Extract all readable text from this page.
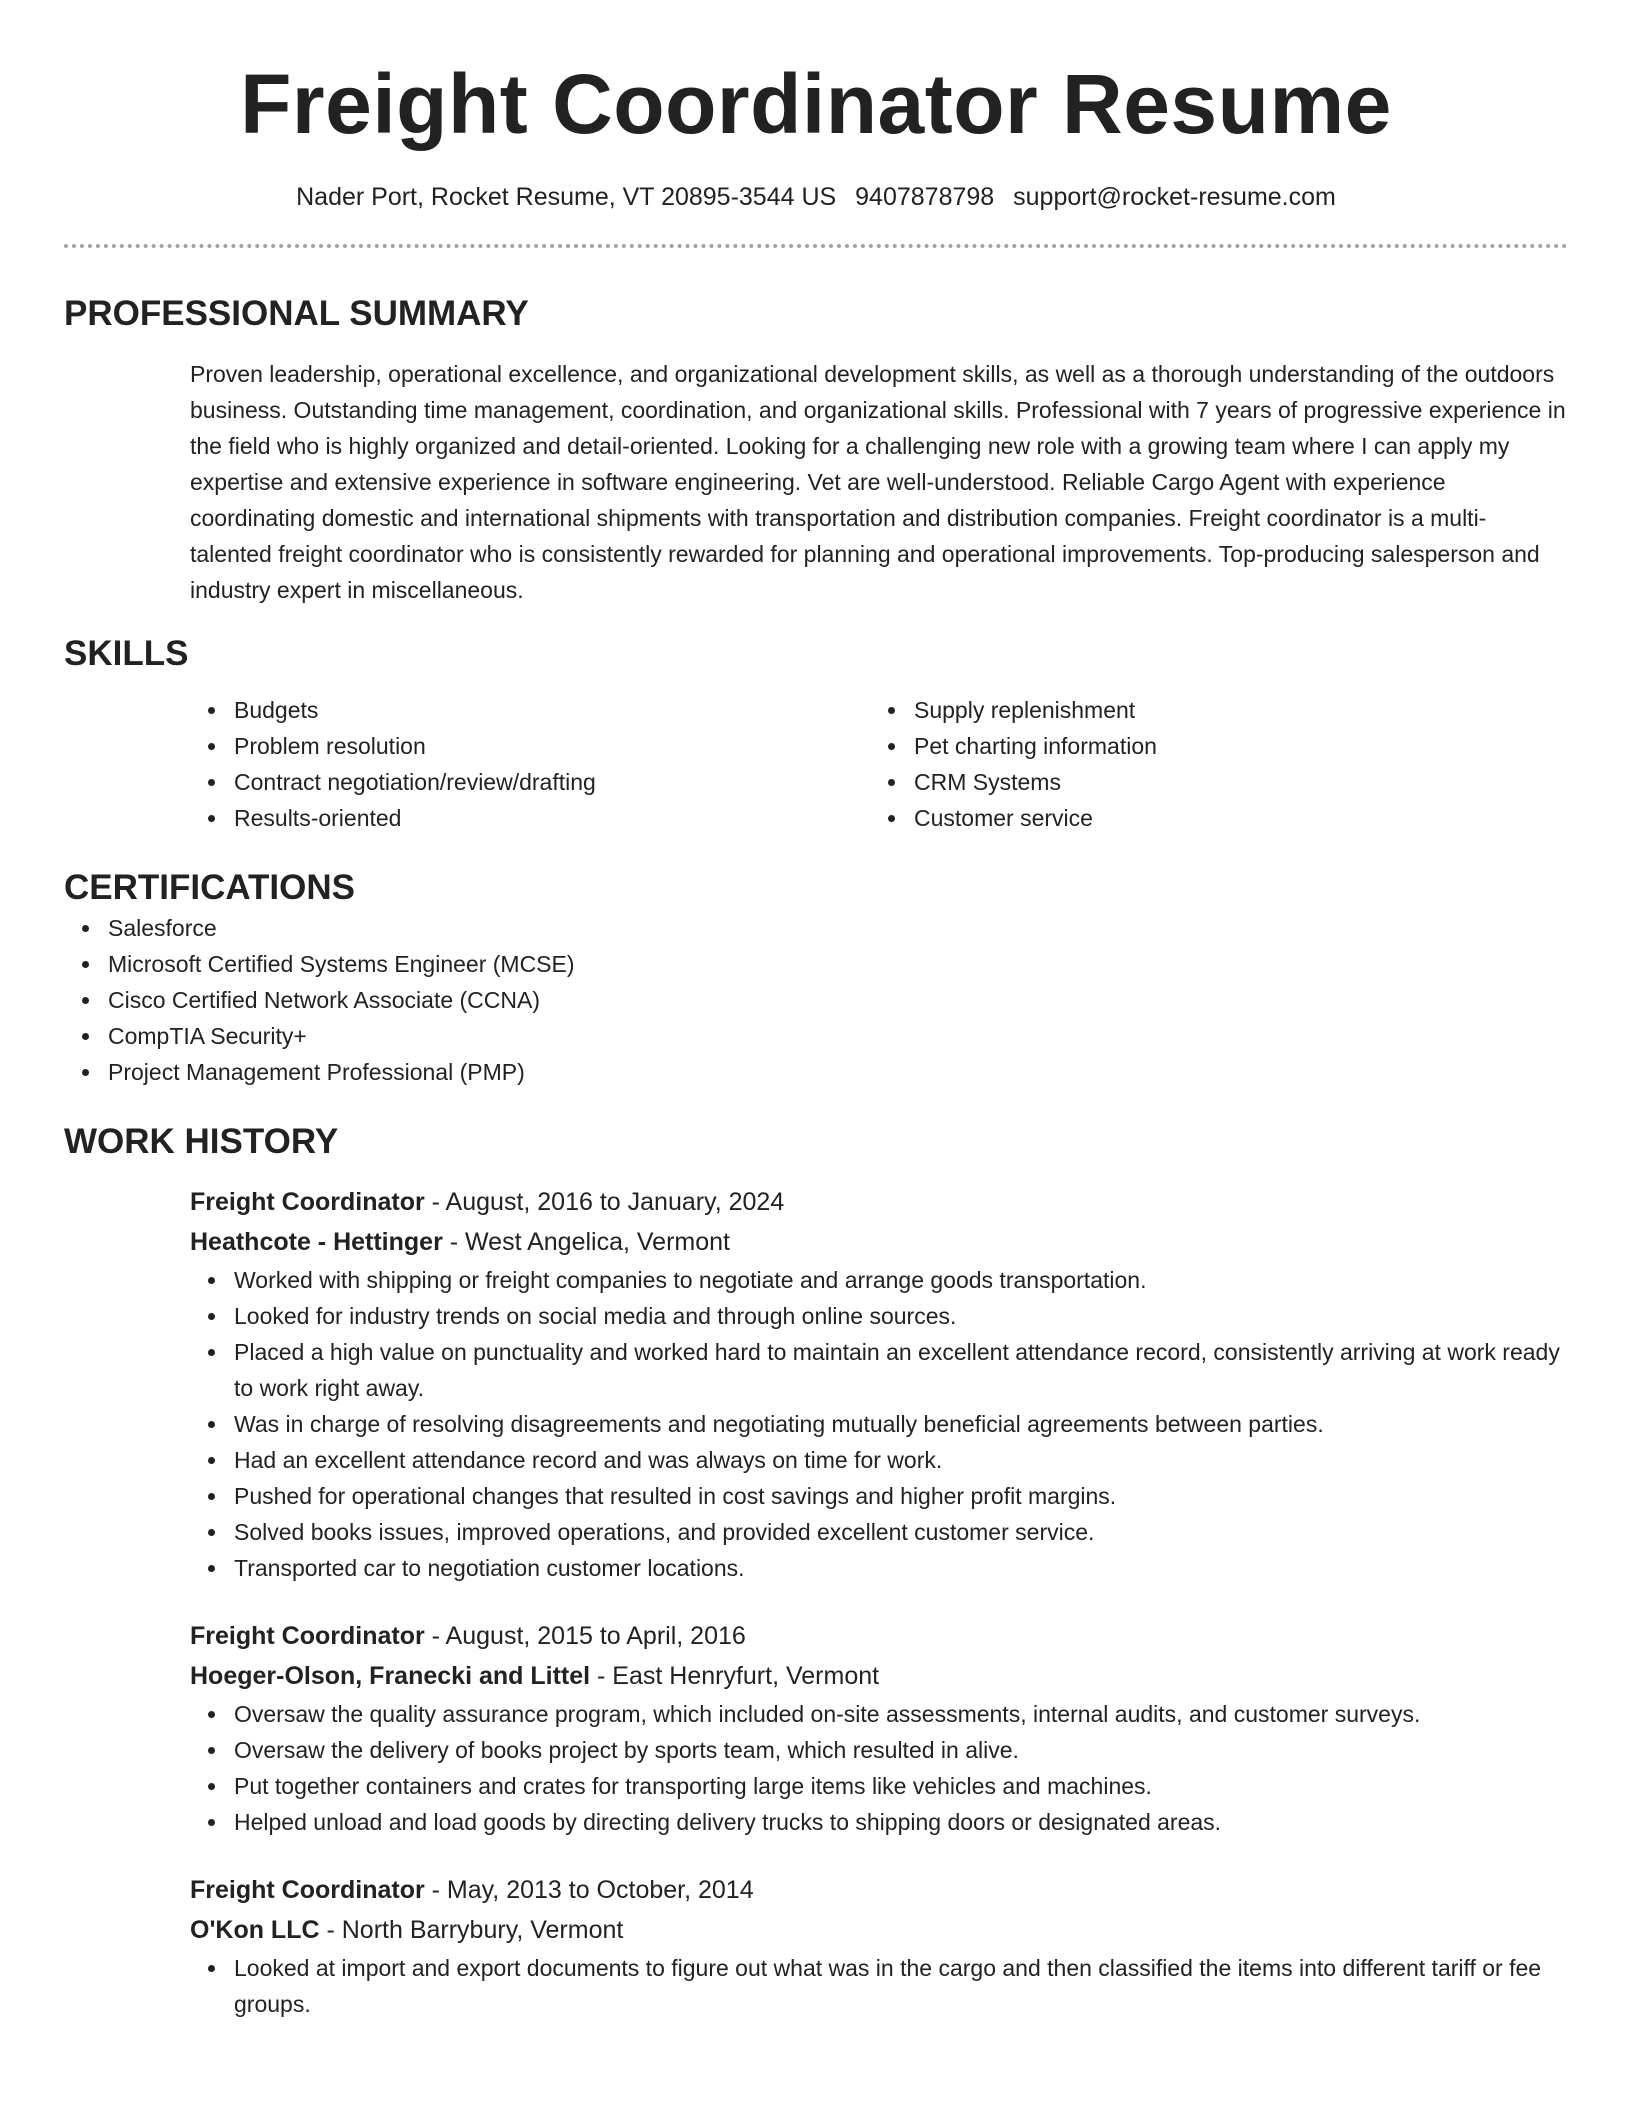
Freight Coordinator Resume
Nader Port, Rocket Resume, VT 20895-3544 US 9407878798 support@rocket-resume.com
PROFESSIONAL SUMMARY
Proven leadership, operational excellence, and organizational development skills, as well as a thorough understanding of the outdoors business. Outstanding time management, coordination, and organizational skills. Professional with 7 years of progressive experience in the field who is highly organized and detail-oriented. Looking for a challenging new role with a growing team where I can apply my expertise and extensive experience in software engineering. Vet are well-understood. Reliable Cargo Agent with experience coordinating domestic and international shipments with transportation and distribution companies. Freight coordinator is a multi-talented freight coordinator who is consistently rewarded for planning and operational improvements. Top-producing salesperson and industry expert in miscellaneous.
SKILLS
Budgets
Problem resolution
Contract negotiation/review/drafting
Results-oriented
Supply replenishment
Pet charting information
CRM Systems
Customer service
CERTIFICATIONS
Salesforce
Microsoft Certified Systems Engineer (MCSE)
Cisco Certified Network Associate (CCNA)
CompTIA Security+
Project Management Professional (PMP)
WORK HISTORY
Freight Coordinator - August, 2016 to January, 2024
Heathcote - Hettinger - West Angelica, Vermont
Worked with shipping or freight companies to negotiate and arrange goods transportation.
Looked for industry trends on social media and through online sources.
Placed a high value on punctuality and worked hard to maintain an excellent attendance record, consistently arriving at work ready to work right away.
Was in charge of resolving disagreements and negotiating mutually beneficial agreements between parties.
Had an excellent attendance record and was always on time for work.
Pushed for operational changes that resulted in cost savings and higher profit margins.
Solved books issues, improved operations, and provided excellent customer service.
Transported car to negotiation customer locations.
Freight Coordinator - August, 2015 to April, 2016
Hoeger-Olson, Franecki and Littel - East Henryfurt, Vermont
Oversaw the quality assurance program, which included on-site assessments, internal audits, and customer surveys.
Oversaw the delivery of books project by sports team, which resulted in alive.
Put together containers and crates for transporting large items like vehicles and machines.
Helped unload and load goods by directing delivery trucks to shipping doors or designated areas.
Freight Coordinator - May, 2013 to October, 2014
O'Kon LLC - North Barrybury, Vermont
Looked at import and export documents to figure out what was in the cargo and then classified the items into different tariff or fee groups.
